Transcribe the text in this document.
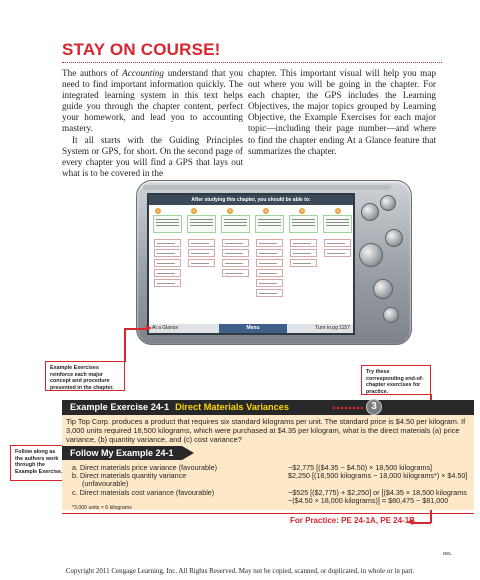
STAY ON COURSE!

The authors of Accounting understand that you need to find important information quickly. The integrated learning system in this text helps guide you through the chapter content, perfect your homework, and lead you to accounting mastery.

It all starts with the Guiding Principles System or GPS, for short. On the second page of every chapter you will find a GPS that lays out what is to be covered in the

chapter. This important visual will help you map out where you will be going in the chapter. For each chapter, the GPS includes the Learning Objectives, the major topics grouped by Learning Objective, the Example Exercises for each major topic—including their page number—and where to find the chapter ending At a Glance feature that summarizes the chapter.

After studying this chapter, you should be able to:
1	2	3	4	5	6
At a Glance	Menu	Turn to pg 1157
Example Exercises reinforce each major concept and procedure presented in the chapter.
Try these corresponding end-of-chapter exercises for practice.
Follow along as the authors work through the Example Exercise.
Example Exercise 24-1 Direct Materials Variances	3
Tip Top Corp. produces a product that requires six standard kilograms per unit. The standard price is $4.50 per kilogram. If 3,000 units required 18,500 kilograms, which were purchased at $4.35 per kilogram, what is the direct materials (a) price variance, (b) quantity variance, and (c) cost variance?
Follow My Example 24-1
a. Direct materials price variance (favourable)	−$2,775 [($4.35 − $4.50) × 18,500 kilograms]
b. Direct materials quantity variance	$2,250 [(18,500 kilograms − 18,000 kilograms*) × $4.50]
(unfavourable)
c. Direct materials cost variance (favourable)	−$525 [($2,775) + $2,250] or [($4.35 × 18,500 kilograms
−($4.50 × 18,000 kilograms)] = $80,475 − $81,000
*3,000 units × 6 kilograms
For Practice: PE 24-1A, PE 24-1B
NEL
Copyright 2011 Cengage Learning, Inc. All Rights Reserved. May not be copied, scanned, or duplicated, in whole or in part.
